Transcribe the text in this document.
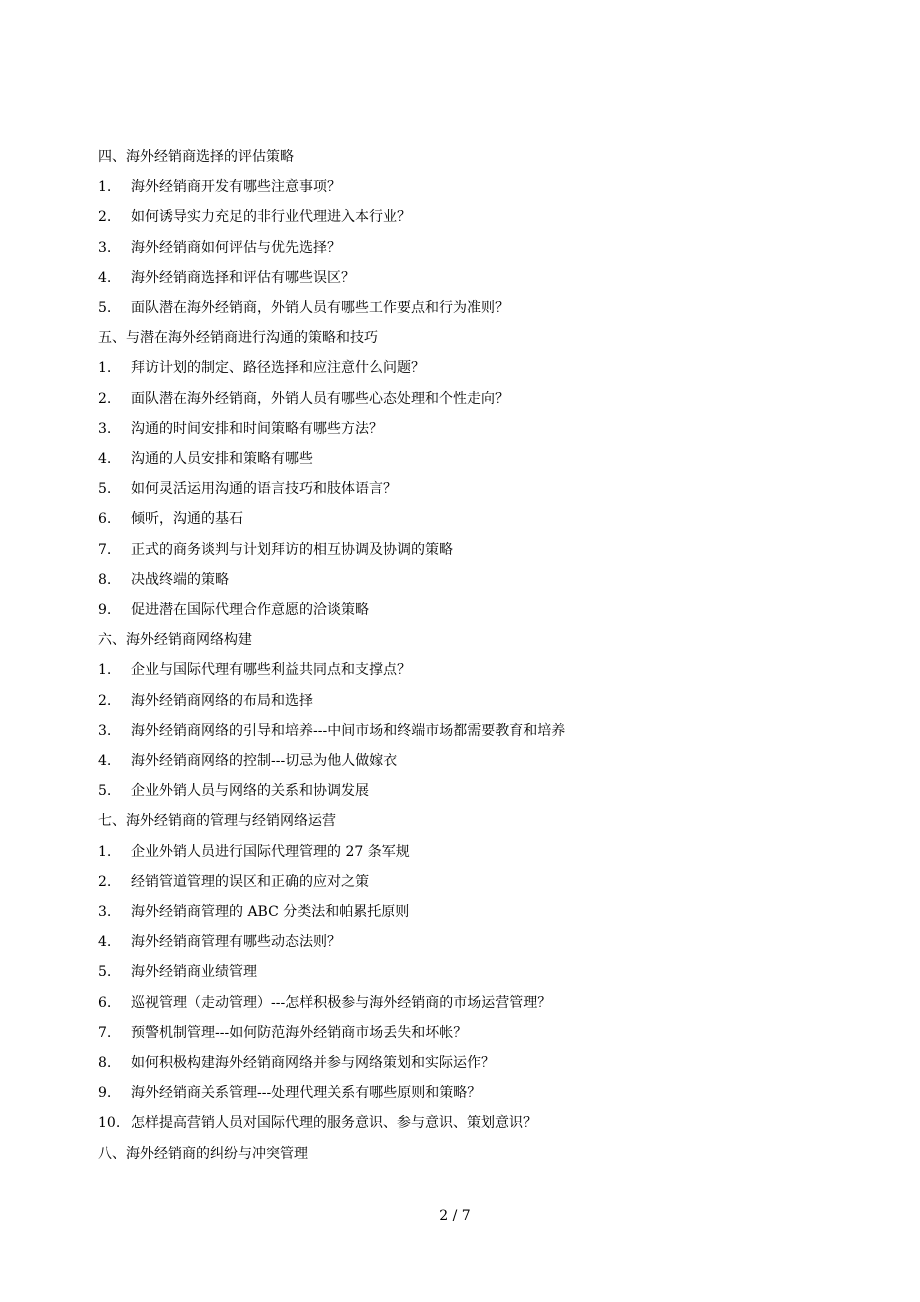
四、海外经销商选择的评估策略
1. 海外经销商开发有哪些注意事项？
2. 如何诱导实力充足的非行业代理进入本行业？
3. 海外经销商如何评估与优先选择？
4. 海外经销商选择和评估有哪些误区？
5. 面队潜在海外经销商，外销人员有哪些工作要点和行为准则？
五、与潜在海外经销商进行沟通的策略和技巧
1. 拜访计划的制定、路径选择和应注意什么问题？
2. 面队潜在海外经销商，外销人员有哪些心态处理和个性走向？
3. 沟通的时间安排和时间策略有哪些方法？
4. 沟通的人员安排和策略有哪些
5. 如何灵活运用沟通的语言技巧和肢体语言？
6. 倾听，沟通的基石
7. 正式的商务谈判与计划拜访的相互协调及协调的策略
8. 决战终端的策略
9. 促进潜在国际代理合作意愿的洽谈策略
六、海外经销商网络构建
1. 企业与国际代理有哪些利益共同点和支撑点？
2. 海外经销商网络的布局和选择
3. 海外经销商网络的引导和培养---中间市场和终端市场都需要教育和培养
4. 海外经销商网络的控制---切忌为他人做嫁衣
5. 企业外销人员与网络的关系和协调发展
七、海外经销商的管理与经销网络运营
1. 企业外销人员进行国际代理管理的 27 条军规
2. 经销管道管理的误区和正确的应对之策
3. 海外经销商管理的 ABC 分类法和帕累托原则
4. 海外经销商管理有哪些动态法则？
5. 海外经销商业绩管理
6. 巡视管理（走动管理）---怎样积极参与海外经销商的市场运营管理？
7. 预警机制管理---如何防范海外经销商市场丢失和坏帐？
8. 如何积极构建海外经销商网络并参与网络策划和实际运作？
9. 海外经销商关系管理---处理代理关系有哪些原则和策略？
10. 怎样提高营销人员对国际代理的服务意识、参与意识、策划意识？
八、海外经销商的纠纷与冲突管理
2 / 7
